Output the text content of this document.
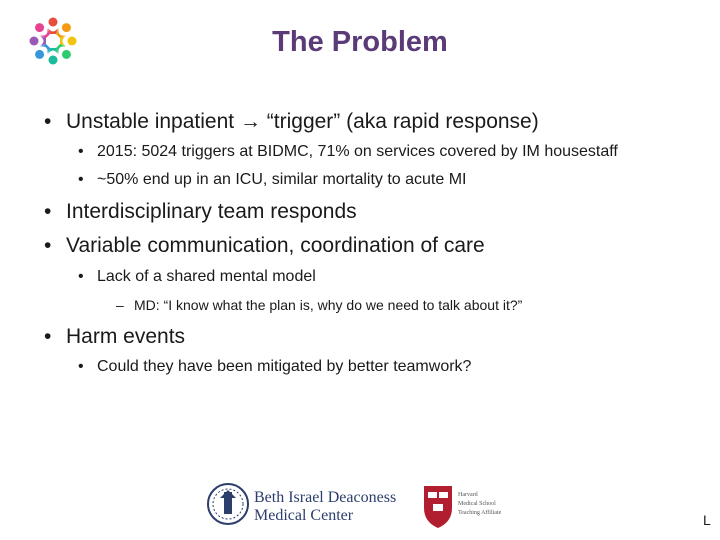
The Problem
• Unstable inpatient → “trigger” (aka rapid response)
• 2015: 5024 triggers at BIDMC, 71% on services covered by IM housestaff
• ~50% end up in an ICU, similar mortality to acute MI
• Interdisciplinary team responds
• Variable communication, coordination of care
• Lack of a shared mental model
– MD: “I know what the plan is, why do we need to talk about it?”
• Harm events
• Could they have been mitigated by better teamwork?
Beth Israel Deaconess
Medical Center
Harvard
Medical School
Teaching Affiliate	L
